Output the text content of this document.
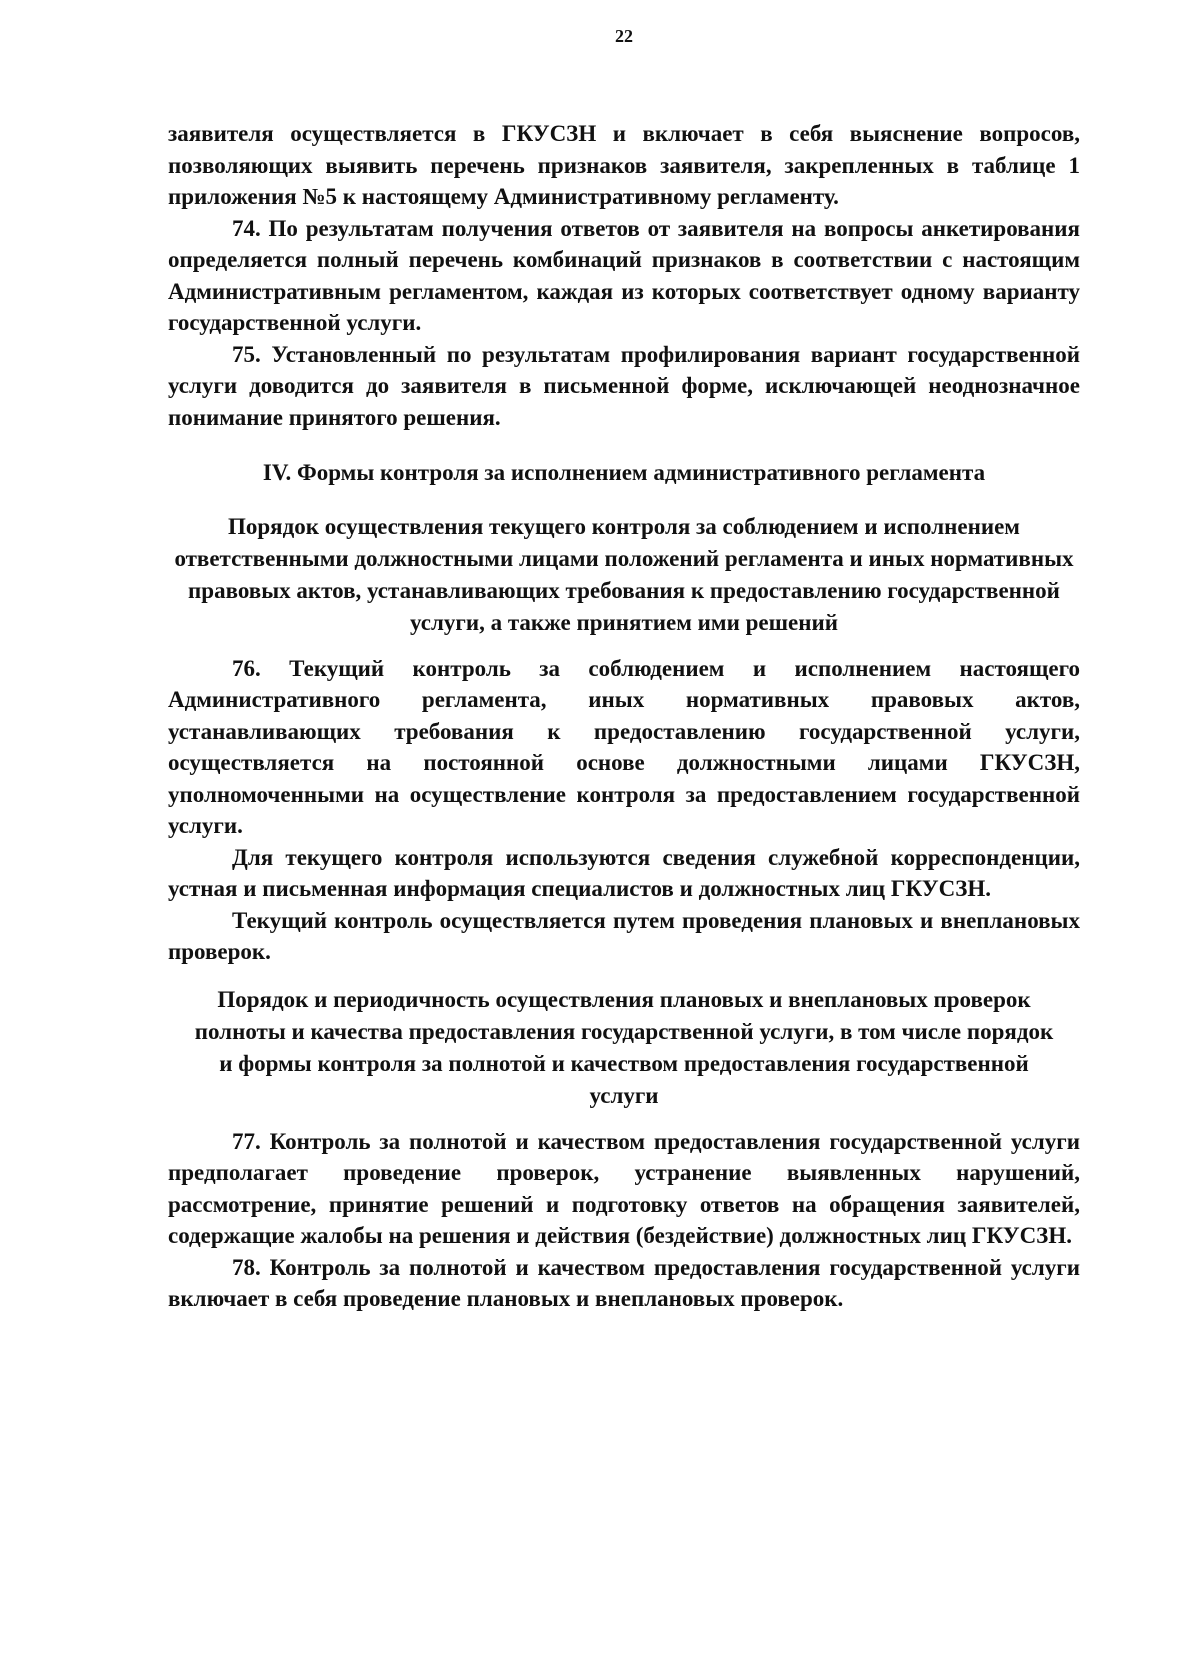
22

заявителя осуществляется в ГКУСЗН и включает в себя выяснение вопросов, позволяющих выявить перечень признаков заявителя, закрепленных в таблице 1 приложения №5 к настоящему Административному регламенту.

74. По результатам получения ответов от заявителя на вопросы анкетирования определяется полный перечень комбинаций признаков в соответствии с настоящим Административным регламентом, каждая из которых соответствует одному варианту государственной услуги.

75. Установленный по результатам профилирования вариант государственной услуги доводится до заявителя в письменной форме, исключающей неоднозначное понимание принятого решения.

IV. Формы контроля за исполнением административного регламента
Порядок осуществления текущего контроля за соблюдением и исполнением ответственными должностными лицами положений регламента и иных нормативных правовых актов, устанавливающих требования к предоставлению государственной услуги, а также принятием ими решений

76. Текущий контроль за соблюдением и исполнением настоящего Административного регламента, иных нормативных правовых актов, устанавливающих требования к предоставлению государственной услуги, осуществляется на постоянной основе должностными лицами ГКУСЗН, уполномоченными на осуществление контроля за предоставлением государственной услуги.

Для текущего контроля используются сведения служебной корреспонденции, устная и письменная информация специалистов и должностных лиц ГКУСЗН.

Текущий контроль осуществляется путем проведения плановых и внеплановых проверок.

Порядок и периодичность осуществления плановых и внеплановых проверок полноты и качества предоставления государственной услуги, в том числе порядок и формы контроля за полнотой и качеством предоставления государственной услуги

77. Контроль за полнотой и качеством предоставления государственной услуги предполагает проведение проверок, устранение выявленных нарушений, рассмотрение, принятие решений и подготовку ответов на обращения заявителей, содержащие жалобы на решения и действия (бездействие) должностных лиц ГКУСЗН.

78. Контроль за полнотой и качеством предоставления государственной услуги включает в себя проведение плановых и внеплановых проверок.
